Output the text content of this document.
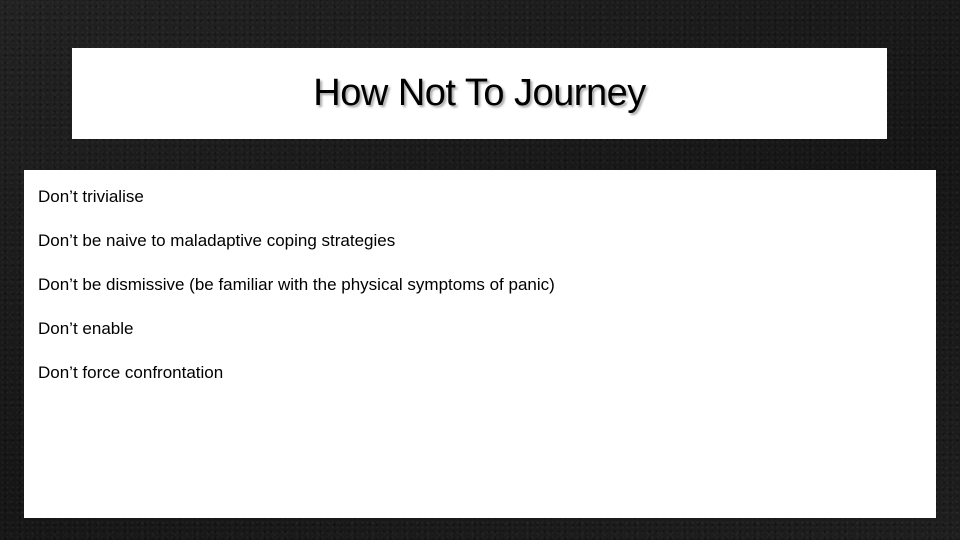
How Not To Journey
Don’t trivialise
Don’t be naive to maladaptive coping strategies
Don’t be dismissive (be familiar with the physical symptoms of panic)
Don’t enable
Don’t force confrontation
